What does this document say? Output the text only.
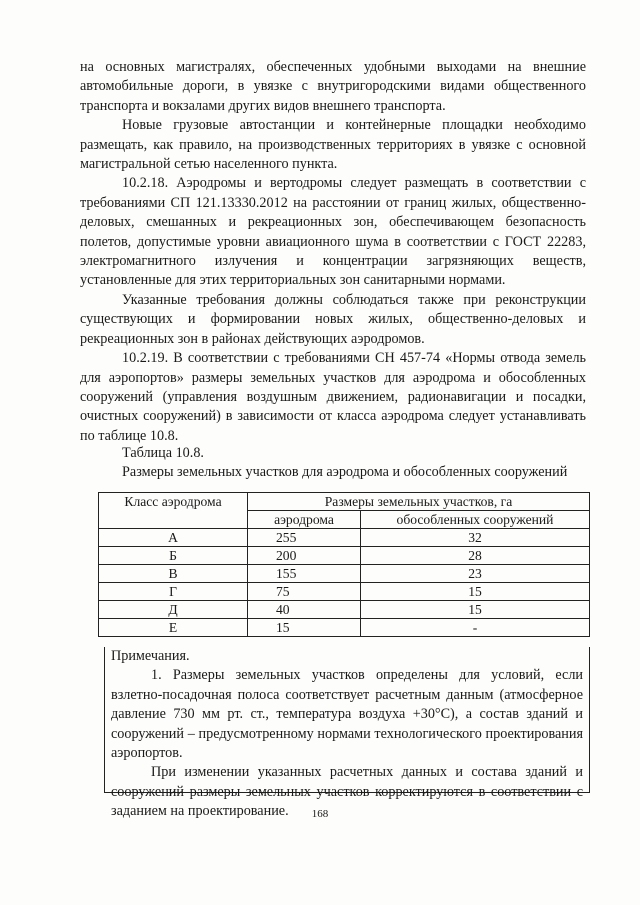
на основных магистралях, обеспеченных удобными выходами на внешние автомобильные дороги, в увязке с внутригородскими видами общественного транспорта и вокзалами других видов внешнего транспорта.

Новые грузовые автостанции и контейнерные площадки необходимо размещать, как правило, на производственных территориях в увязке с основной магистральной сетью населенного пункта.

10.2.18. Аэродромы и вертодромы следует размещать в соответствии с требованиями СП 121.13330.2012 на расстоянии от границ жилых, общественно-деловых, смешанных и рекреационных зон, обеспечивающем безопасность полетов, допустимые уровни авиационного шума в соответствии с ГОСТ 22283, электромагнитного излучения и концентрации загрязняющих веществ, установленные для этих территориальных зон санитарными нормами.

Указанные требования должны соблюдаться также при реконструкции существующих и формировании новых жилых, общественно-деловых и рекреационных зон в районах действующих аэродромов.

10.2.19. В соответствии с требованиями СН 457-74 «Нормы отвода земель для аэропортов» размеры земельных участков для аэродрома и обособленных сооружений (управления воздушным движением, радионавигации и посадки, очистных сооружений) в зависимости от класса аэродрома следует устанавливать по таблице 10.8.

Таблица 10.8.

Размеры земельных участков для аэродрома и обособленных сооружений

Класс аэродрома	Размеры земельных участков, га	
	аэродрома	обособленных сооружений
А	255	32
Б	200	28
В	155	23
Г	75	15
Д	40	15
Е	15	-

Примечания.

1. Размеры земельных участков определены для условий, если взлетно-посадочная полоса соответствует расчетным данным (атмосферное давление 730 мм рт. ст., температура воздуха +30°С), а состав зданий и сооружений – предусмотренному нормами технологического проектирования аэропортов.

При изменении указанных расчетных данных и состава зданий и сооружений размеры земельных участков корректируются в соответствии с заданием на проектирование.	168
